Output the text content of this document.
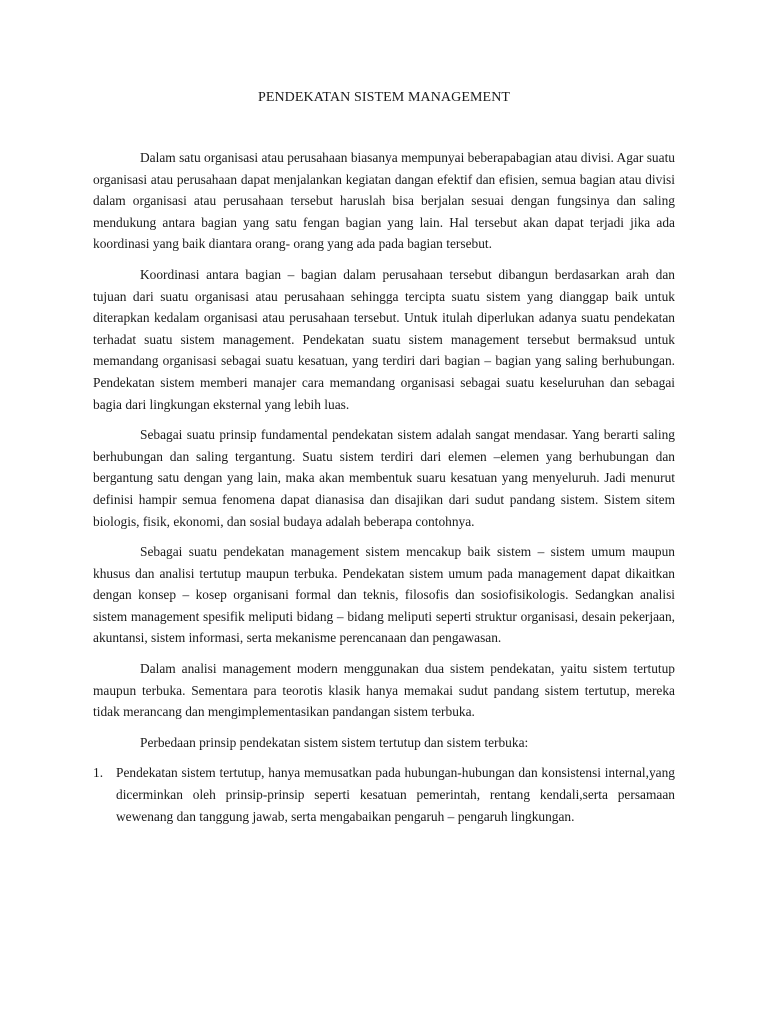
PENDEKATAN SISTEM MANAGEMENT

Dalam satu organisasi atau perusahaan biasanya mempunyai beberapabagian atau divisi. Agar suatu organisasi atau perusahaan dapat menjalankan kegiatan dangan efektif dan efisien, semua bagian atau divisi dalam organisasi atau perusahaan tersebut haruslah bisa berjalan sesuai dengan fungsinya dan saling mendukung antara bagian yang satu fengan bagian yang lain. Hal tersebut akan dapat terjadi jika ada koordinasi yang baik diantara orang- orang yang ada pada bagian tersebut.

Koordinasi antara bagian – bagian dalam perusahaan tersebut dibangun berdasarkan arah dan tujuan dari suatu organisasi atau perusahaan sehingga tercipta suatu sistem yang dianggap baik untuk diterapkan kedalam organisasi atau perusahaan tersebut. Untuk itulah diperlukan adanya suatu pendekatan terhadat suatu sistem management. Pendekatan suatu sistem management tersebut bermaksud untuk memandang organisasi sebagai suatu kesatuan, yang terdiri dari bagian – bagian yang saling berhubungan. Pendekatan sistem memberi manajer cara memandang organisasi sebagai suatu keseluruhan dan sebagai bagia dari lingkungan eksternal yang lebih luas.

Sebagai suatu prinsip fundamental pendekatan sistem adalah sangat mendasar. Yang berarti saling berhubungan dan saling tergantung. Suatu sistem terdiri dari elemen –elemen yang berhubungan dan bergantung satu dengan yang lain, maka akan membentuk suaru kesatuan yang menyeluruh. Jadi menurut definisi hampir semua fenomena dapat dianasisa dan disajikan dari sudut pandang sistem. Sistem sitem biologis, fisik, ekonomi, dan sosial budaya adalah beberapa contohnya.

Sebagai suatu pendekatan management sistem mencakup baik sistem – sistem umum maupun khusus dan analisi tertutup maupun terbuka. Pendekatan sistem umum pada management dapat dikaitkan dengan konsep – kosep organisani formal dan teknis, filosofis dan sosiofisikologis. Sedangkan analisi sistem management spesifik meliputi bidang – bidang meliputi seperti struktur organisasi, desain pekerjaan, akuntansi, sistem informasi, serta mekanisme perencanaan dan pengawasan.

Dalam analisi management modern menggunakan dua sistem pendekatan, yaitu sistem tertutup maupun terbuka. Sementara para teorotis klasik hanya memakai sudut pandang sistem tertutup, mereka tidak merancang dan mengimplementasikan pandangan sistem terbuka.

Perbedaan prinsip pendekatan sistem sistem tertutup dan sistem terbuka:

1. Pendekatan sistem tertutup, hanya memusatkan pada hubungan-hubungan dan konsistensi internal,yang dicerminkan oleh prinsip-prinsip seperti kesatuan pemerintah, rentang kendali,serta persamaan wewenang dan tanggung jawab, serta mengabaikan pengaruh – pengaruh lingkungan.
